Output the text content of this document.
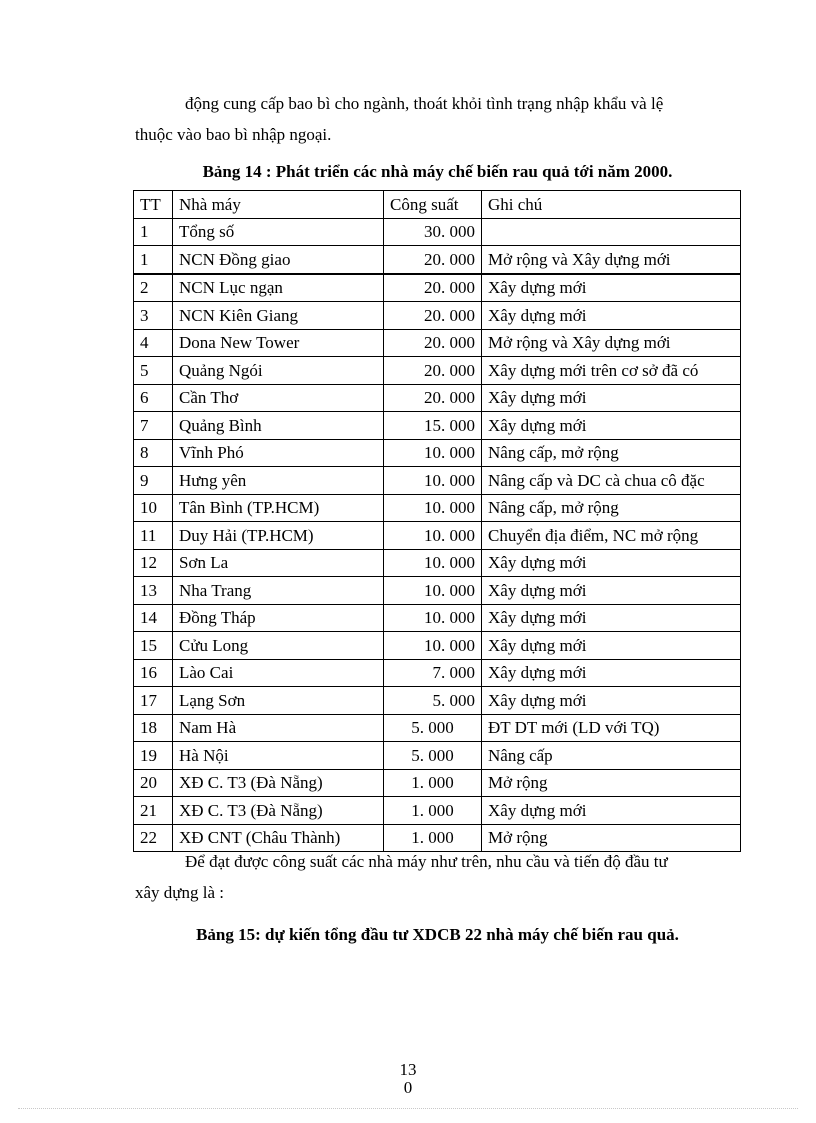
động cung cấp bao bì cho ngành, thoát khỏi tình trạng nhập khẩu và lệ
thuộc vào bao bì nhập ngoại.

Bảng 14 : Phát triển các nhà máy chế biến rau quả tới năm 2000.

TT	Nhà máy	Công suất	Ghi chú
1	Tổng số	30. 000	
1	NCN Đồng giao	20. 000	Mở rộng và Xây dựng mới
2	NCN Lục ngạn	20. 000	Xây dựng mới
3	NCN Kiên Giang	20. 000	Xây dựng mới
4	Dona New Tower	20. 000	Mở rộng và Xây dựng mới
5	Quảng Ngói	20. 000	Xây dựng mới trên cơ sở đã có
6	Cần Thơ	20. 000	Xây dựng mới
7	Quảng Bình	15. 000	Xây dựng mới
8	Vĩnh Phó	10. 000	Nâng cấp, mở rộng
9	Hưng yên	10. 000	Nâng cấp và DC cà chua cô đặc
10	Tân Bình (TP.HCM)	10. 000	Nâng cấp, mở rộng
11	Duy Hải (TP.HCM)	10. 000	Chuyển địa điểm, NC mở rộng
12	Sơn La	10. 000	Xây dựng mới
13	Nha Trang	10. 000	Xây dựng mới
14	Đồng Tháp	10. 000	Xây dựng mới
15	Cửu Long	10. 000	Xây dựng mới
16	Lào Cai	7. 000	Xây dựng mới
17	Lạng Sơn	5. 000	Xây dựng mới
18	Nam Hà	5. 000	ĐT DT mới (LD với TQ)
19	Hà Nội	5. 000	Nâng cấp
20	XĐ C. T3 (Đà Nẵng)	1. 000	Mở rộng
21	XĐ C. T3 (Đà Nẵng)	1. 000	Xây dựng mới
22	XĐ CNT (Châu Thành)	1. 000	Mở rộng

Để đạt được công suất các nhà máy như trên, nhu cầu và tiến độ đầu tư
xây dựng là :

Bảng 15: dự kiến tổng đầu tư XDCB 22 nhà máy chế biến rau quả.

13
0
